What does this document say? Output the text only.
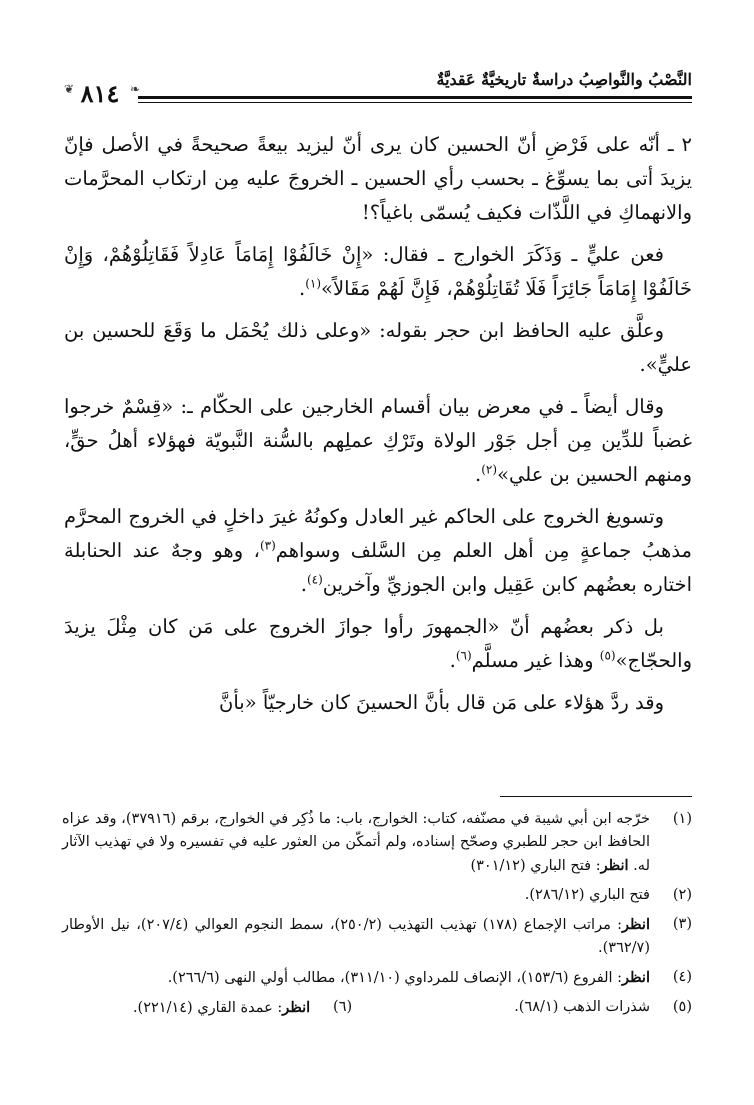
النَّصْبُ والنَّواصِبُ دراسةٌ تاريخيَّةٌ عَقديَّةٌ
❦ ٨١٤ ❧

٢ ـ أنّه على فَرْضِ أنّ الحسين كان يرى أنّ ليزيد بيعةً صحيحةً في الأصل فإنّ يزيدَ أتى بما يسوِّغ ـ بحسب رأي الحسين ـ الخروجَ عليه مِن ارتكاب المحرَّمات والانهماكِ في اللَّذّات فكيف يُسمّى باغياً؟!

فعن عليٍّ ـ وَذَكَرَ الخوارج ـ فقال: «إِنْ خَالَفُوْا إِمَامَاً عَادِلاً فَقَاتِلُوْهُمْ، وَإِنْ خَالَفُوْا إِمَامَاً جَائِرَاً فَلَا تُقَاتِلُوْهُمْ، فَإِنَّ لَهُمْ مَقَالاً»$^{(١)}$.

وعلَّق عليه الحافظ ابن حجر بقوله: «وعلى ذلك يُحْمَل ما وَقَعَ للحسين بن عليٍّ».

وقال أيضاً ـ في معرض بيان أقسام الخارجين على الحكّام ـ: «قِسْمٌ خرجوا غضباً للدِّين مِن أجل جَوْر الولاة وتَرْكِ عملِهم بالسُّنة النَّبويّة فهؤلاء أهلُ حقٍّ، ومنهم الحسين بن علي»$^{(٢)}$.

وتسويغ الخروج على الحاكم غير العادل وكونُهُ غيرَ داخلٍ في الخروج المحرَّم مذهبُ جماعةٍ مِن أهل العلم مِن السَّلف وسواهم$^{(٣)}$، وهو وجهٌ عند الحنابلة اختاره بعضُهم كابن عَقِيل وابن الجوزيِّ وآخرين$^{(٤)}$.

بل ذكر بعضُهم أنّ «الجمهورَ رأوا جوازَ الخروج على مَن كان مِثْلَ يزيدَ والحجّاج»$^{(٥)}$ وهذا غير مسلَّم$^{(٦)}$.

وقد ردَّ هؤلاء على مَن قال بأنَّ الحسينَ كان خارجيّاً «بأنَّ

(١)
خرّجه ابن أبي شيبة في مصنّفه، كتاب: الخوارج، باب: ما ذُكِر في الخوارج، برقم (٣٧٩١٦)، وقد عزاه الحافظ ابن حجر للطبري وصحّح إسناده، ولم أتمكّن من العثور عليه في تفسيره ولا في تهذيب الآثار له. انظر: فتح الباري (٣٠١/١٢)
(٢)
فتح الباري (٢٨٦/١٢).
(٣)
انظر: مراتب الإجماع (١٧٨) تهذيب التهذيب (٢٥٠/٢)، سمط النجوم العوالي (٢٠٧/٤)، نيل الأوطار (٣٦٢/٧).
(٤)
انظر: الفروع (١٥٣/٦)، الإنصاف للمرداوي (٣١١/١٠)، مطالب أولي النهى (٢٦٦/٦).
(٥)
شذرات الذهب (٦٨/١).
(٦)
انظر: عمدة القاري (٢٢١/١٤).
